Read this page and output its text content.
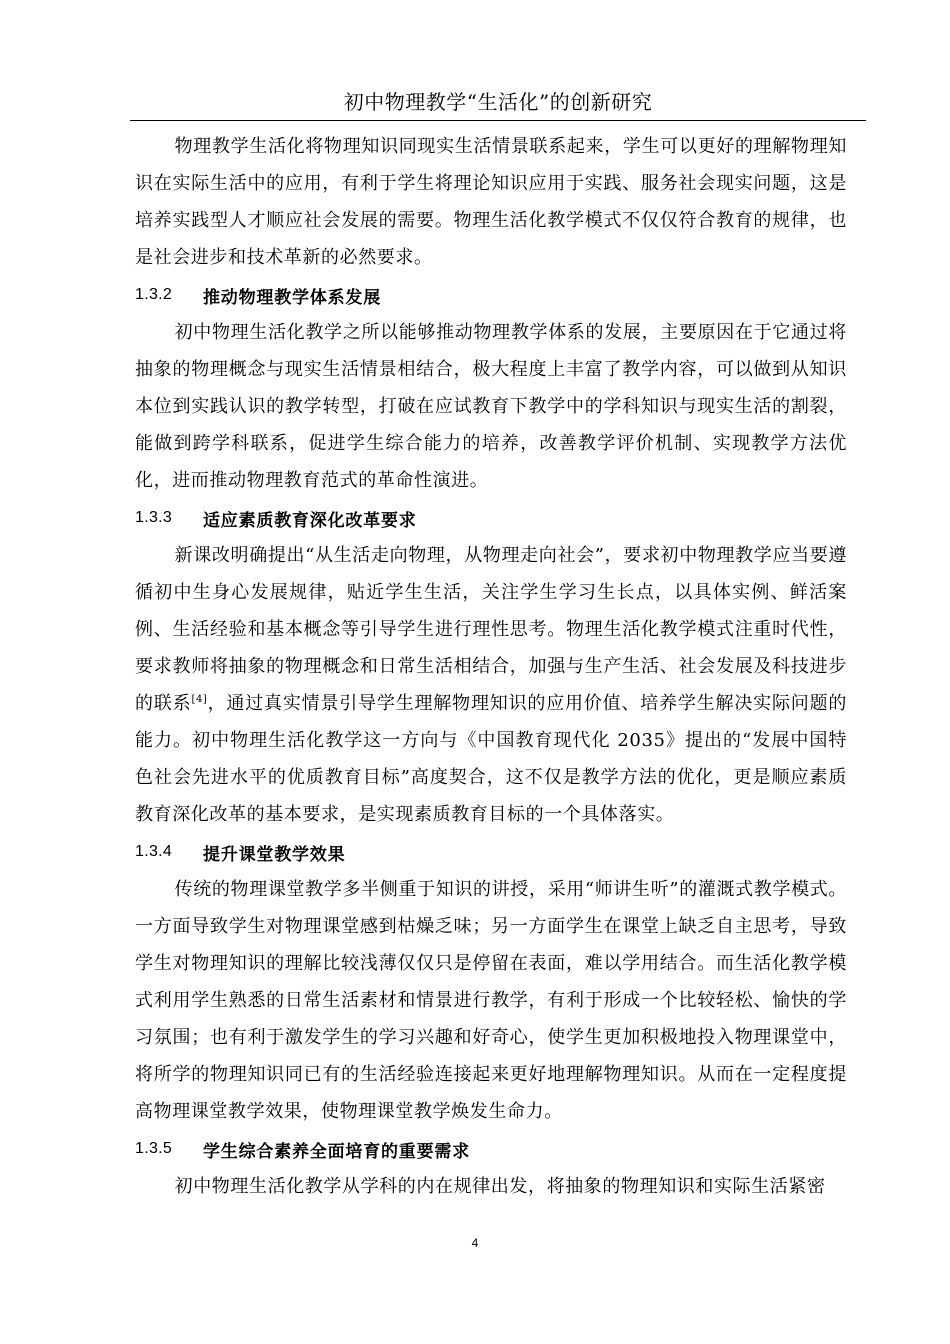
初中物理教学“生活化”的创新研究

物理教学生活化将物理知识同现实生活情景联系起来，学生可以更好的理解物理知识在实际生活中的应用，有利于学生将理论知识应用于实践、服务社会现实问题，这是培养实践型人才顺应社会发展的需要。物理生活化教学模式不仅仅符合教育的规律，也是社会进步和技术革新的必然要求。

1.3.2	推动物理教学体系发展

初中物理生活化教学之所以能够推动物理教学体系的发展，主要原因在于它通过将抽象的物理概念与现实生活情景相结合，极大程度上丰富了教学内容，可以做到从知识本位到实践认识的教学转型，打破在应试教育下教学中的学科知识与现实生活的割裂，能做到跨学科联系，促进学生综合能力的培养，改善教学评价机制、实现教学方法优化，进而推动物理教育范式的革命性演进。

1.3.3	适应素质教育深化改革要求

新课改明确提出“从生活走向物理，从物理走向社会”，要求初中物理教学应当要遵循初中生身心发展规律，贴近学生生活，关注学生学习生长点，以具体实例、鲜活案例、生活经验和基本概念等引导学生进行理性思考。物理生活化教学模式注重时代性，要求教师将抽象的物理概念和日常生活相结合，加强与生产生活、社会发展及科技进步的联系[4]，通过真实情景引导学生理解物理知识的应用价值、培养学生解决实际问题的能力。初中物理生活化教学这一方向与《中国教育现代化 2035》提出的“发展中国特色社会先进水平的优质教育目标”高度契合，这不仅是教学方法的优化，更是顺应素质教育深化改革的基本要求，是实现素质教育目标的一个具体落实。

1.3.4	提升课堂教学效果

传统的物理课堂教学多半侧重于知识的讲授，采用“师讲生听”的灌溉式教学模式。一方面导致学生对物理课堂感到枯燥乏味；另一方面学生在课堂上缺乏自主思考，导致学生对物理知识的理解比较浅薄仅仅只是停留在表面，难以学用结合。而生活化教学模式利用学生熟悉的日常生活素材和情景进行教学，有利于形成一个比较轻松、愉快的学习氛围；也有利于激发学生的学习兴趣和好奇心，使学生更加积极地投入物理课堂中，将所学的物理知识同已有的生活经验连接起来更好地理解物理知识。从而在一定程度提高物理课堂教学效果，使物理课堂教学焕发生命力。

1.3.5	学生综合素养全面培育的重要需求

初中物理生活化教学从学科的内在规律出发，将抽象的物理知识和实际生活紧密

4
